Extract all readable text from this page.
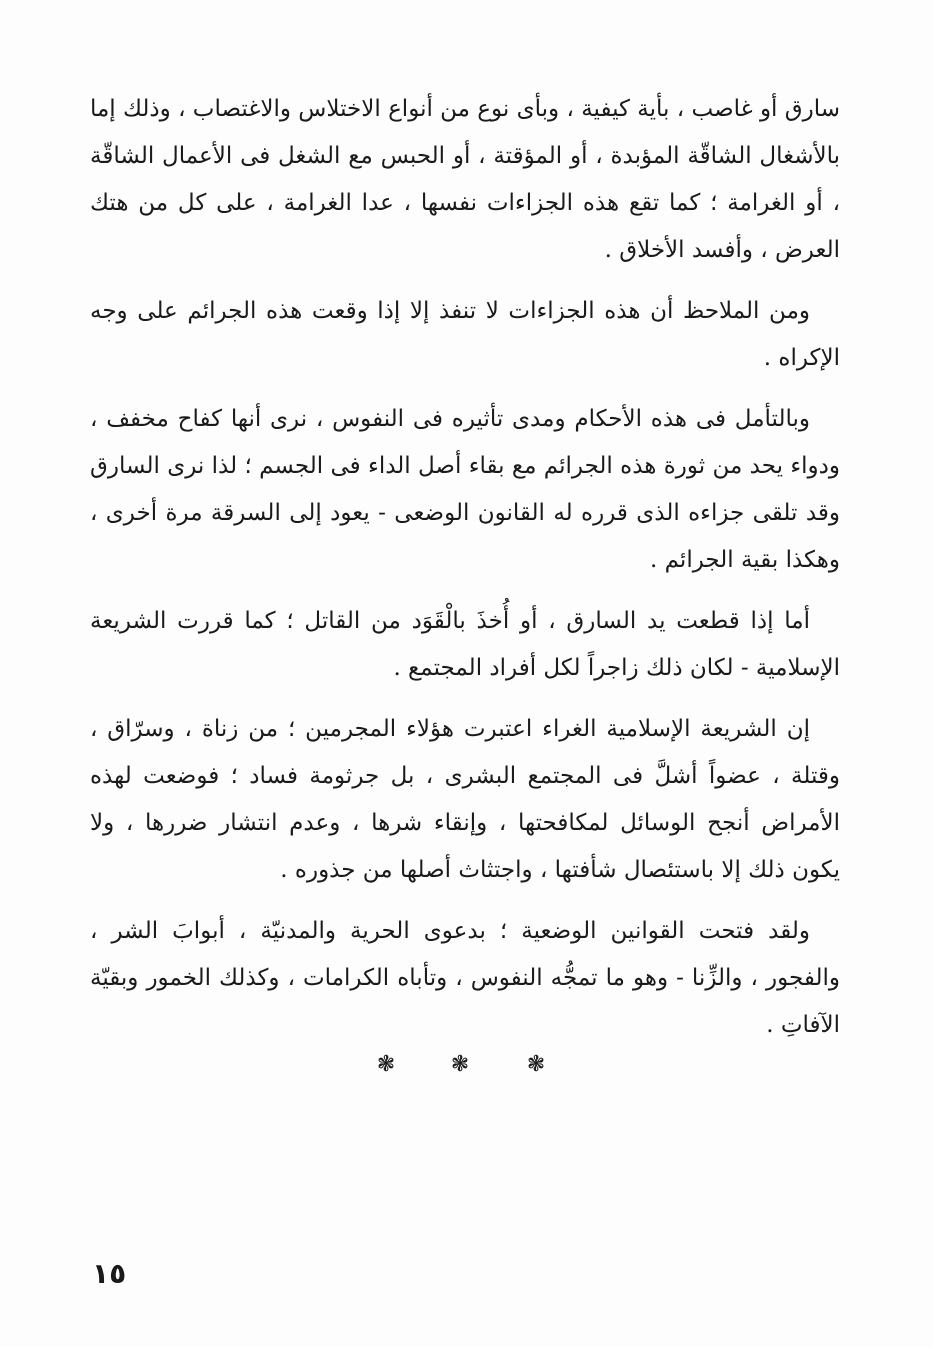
سارق أو غاصب ، بأية كيفية ، وبأى نوع من أنواع الاختلاس والاغتصاب ، وذلك إما بالأشغال الشاقّة المؤبدة ، أو المؤقتة ، أو الحبس مع الشغل فى الأعمال الشاقّة ، أو الغرامة ؛ كما تقع هذه الجزاءات نفسها ، عدا الغرامة ، على كل من هتك العرض ، وأفسد الأخلاق .

ومن الملاحظ أن هذه الجزاءات لا تنفذ إلا إذا وقعت هذه الجرائم على وجه الإكراه .

وبالتأمل فى هذه الأحكام ومدى تأثيره فى النفوس ، نرى أنها كفاح مخفف ، ودواء يحد من ثورة هذه الجرائم مع بقاء أصل الداء فى الجسم ؛ لذا نرى السارق وقد تلقى جزاءه الذى قرره له القانون الوضعى - يعود إلى السرقة مرة أخرى ، وهكذا بقية الجرائم .

أما إذا قطعت يد السارق ، أو أُخذَ بالْقَوَد من القاتل ؛ كما قررت الشريعة الإسلامية - لكان ذلك زاجراً لكل أفراد المجتمع .

إن الشريعة الإسلامية الغراء اعتبرت هؤلاء المجرمين ؛ من زناة ، وسرّاق ، وقتلة ، عضواً أشلَّ فى المجتمع البشرى ، بل جرثومة فساد ؛ فوضعت لهذه الأمراض أنجح الوسائل لمكافحتها ، وإنقاء شرها ، وعدم انتشار ضررها ، ولا يكون ذلك إلا باستئصال شأفتها ، واجتثاث أصلها من جذوره .

ولقد فتحت القوانين الوضعية ؛ بدعوى الحرية والمدنيّة ، أبوابَ الشر ، والفجور ، والزِّنا - وهو ما تمجُّه النفوس ، وتأباه الكرامات ، وكذلك الخمور وبقيّة الآفاتِ .

❃	❃	❃
١٥
